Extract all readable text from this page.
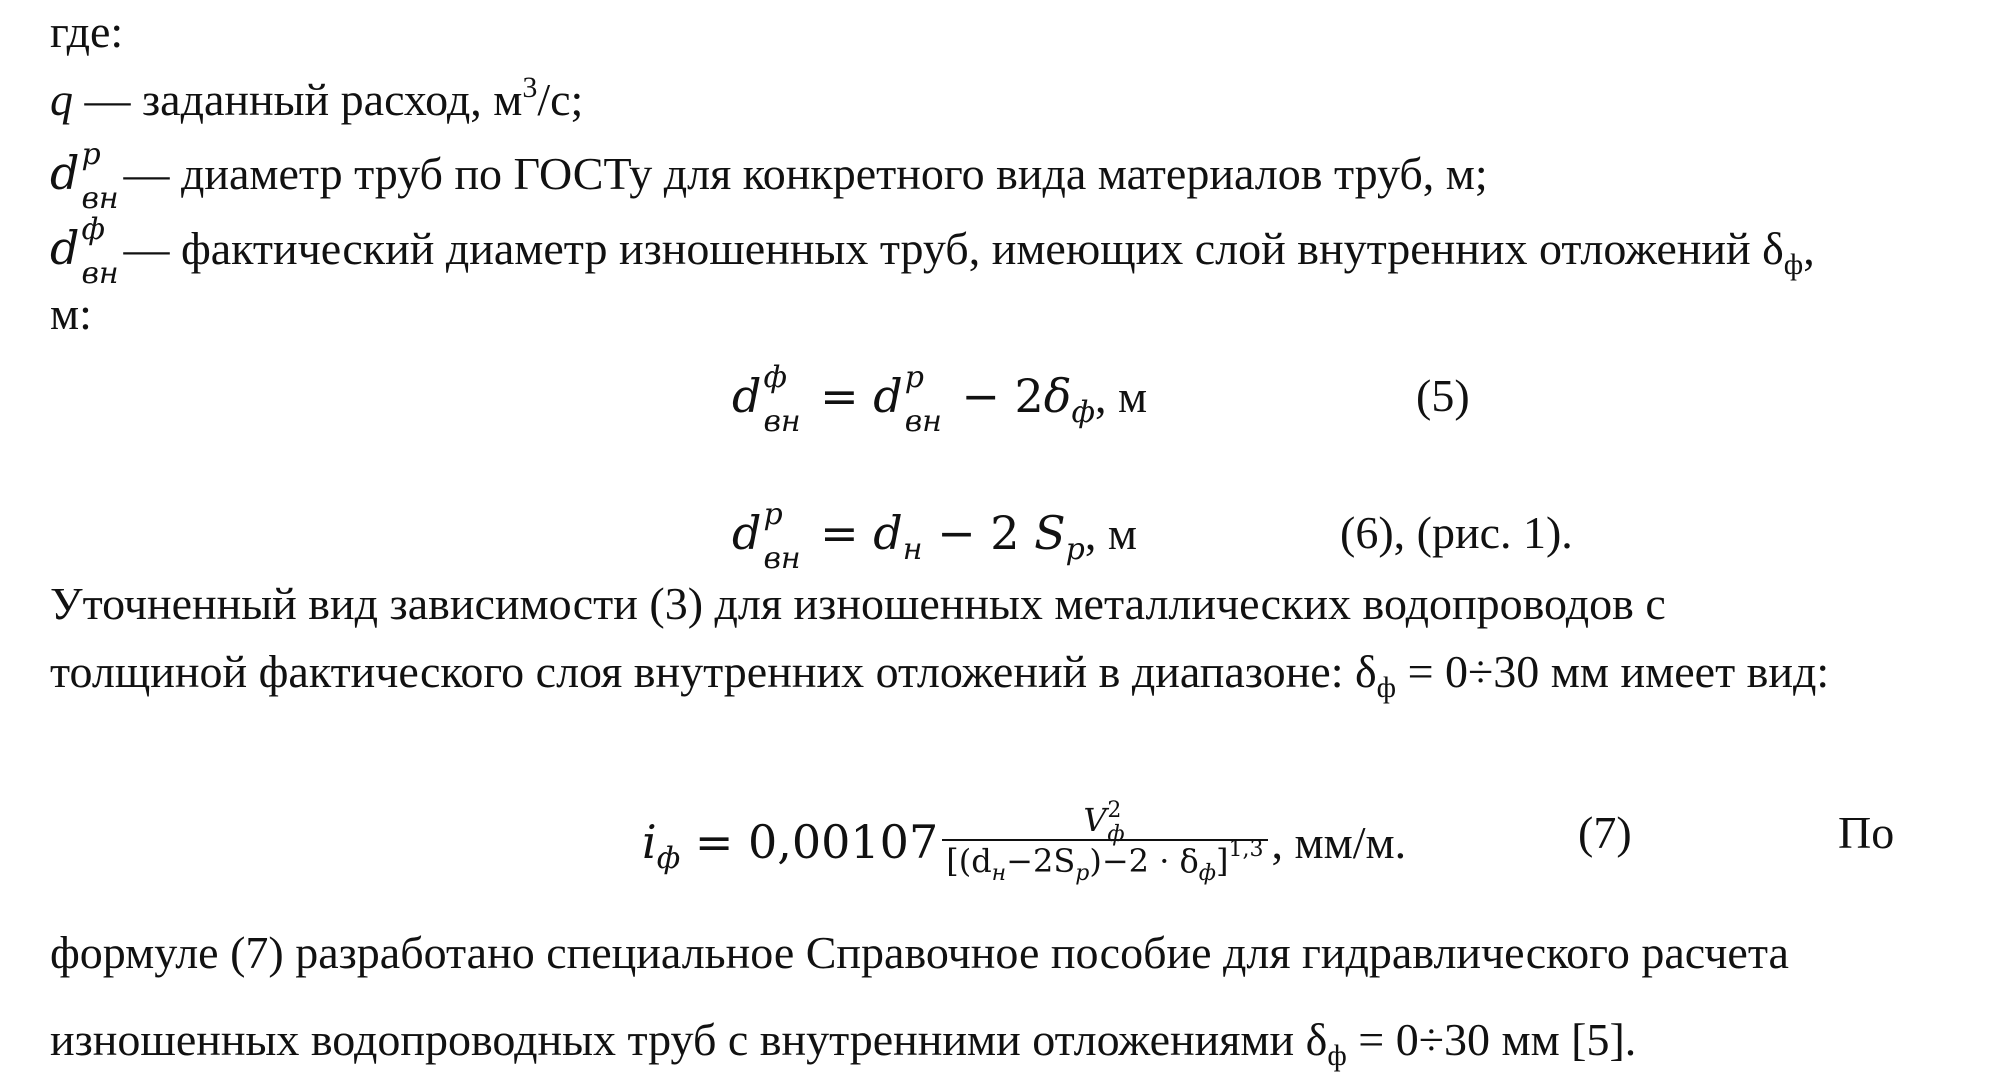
где:
q — заданный расход, $м^3/с$;
d p
вн — диаметр труб по ГОСТу для конкретного вида материалов труб, м;
d ф
вн — фактический диаметр изношенных труб, имеющих слой внутренних отложений $\delta_ф$,
м:
d ф
вн = d p
вн − $2\delta_ф$, м	(5)
d p
вн = $d_н - 2$ $S_p$, м	(6), (рис. 1).
Уточненный вид зависимости (3) для изношенных металлических водопроводов с
толщиной фактического слоя внутренних отложений в диапазоне: $\delta_ф = 0\div 30$ мм имеет вид:
$i_ф = 0,00107$ V 2
ф
$[(d_н-2S_p)-2 \cdot \delta_ф]^{1,3}$ , мм/м.	(7)	По
формуле (7) разработано специальное Справочное пособие для гидравлического расчета
изношенных водопроводных труб с внутренними отложениями $\delta_ф = 0\div 30$ мм [5].
